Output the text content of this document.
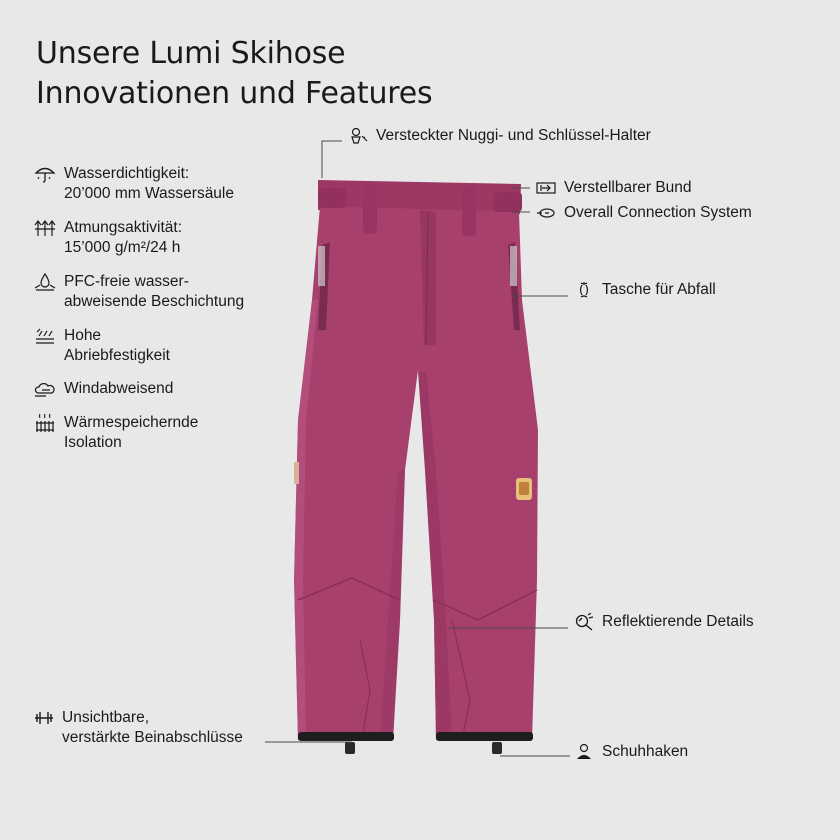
Unsere Lumi Skihose
Innovationen und Features
Wasserdichtigkeit:
20’000 mm Wassersäule
Atmungsaktivität:
15’000 g/m²/24 h
PFC-freie wasser-
abweisende Beschichtung
Hohe
Abriebfestigkeit
Windabweisend
Wärmespeichernde
Isolation
Versteckter Nuggi- und Schlüssel-Halter
Verstellbarer Bund
Overall Connection System
Tasche für Abfall
Reflektierende Details
Unsichtbare,
verstärkte Beinabschlüsse
Schuhhaken
